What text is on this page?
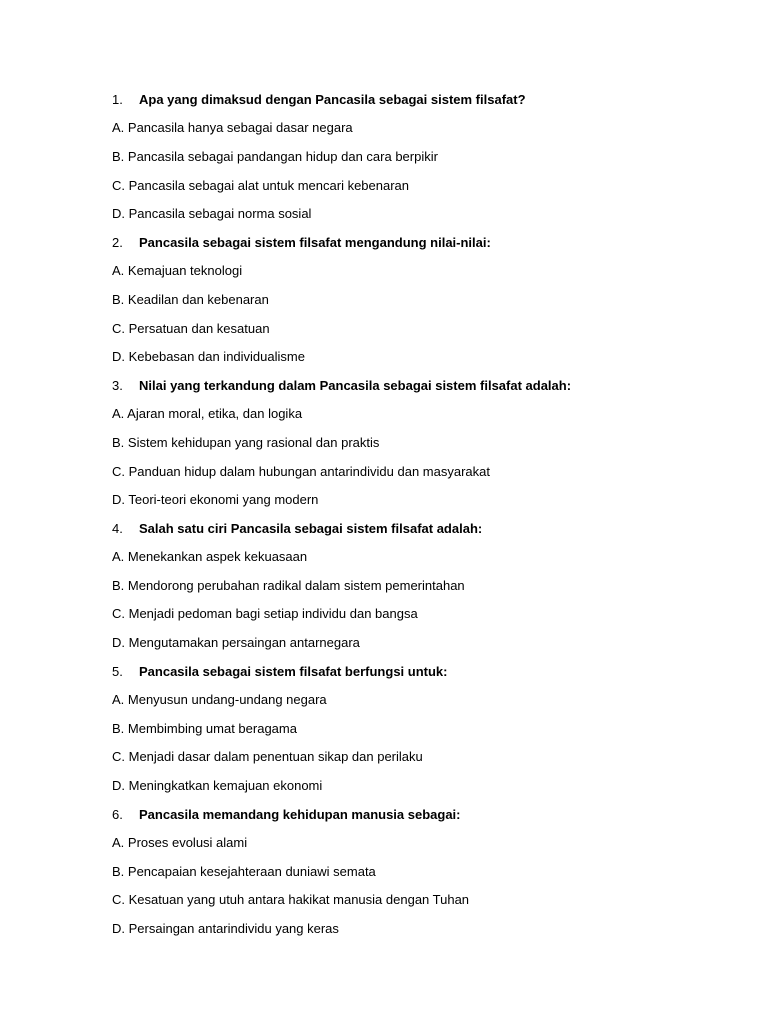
1.	Apa yang dimaksud dengan Pancasila sebagai sistem filsafat?
A. Pancasila hanya sebagai dasar negara
B. Pancasila sebagai pandangan hidup dan cara berpikir
C. Pancasila sebagai alat untuk mencari kebenaran
D. Pancasila sebagai norma sosial
2.	Pancasila sebagai sistem filsafat mengandung nilai-nilai:
A. Kemajuan teknologi
B. Keadilan dan kebenaran
C. Persatuan dan kesatuan
D. Kebebasan dan individualisme
3.	Nilai yang terkandung dalam Pancasila sebagai sistem filsafat adalah:
A. Ajaran moral, etika, dan logika
B. Sistem kehidupan yang rasional dan praktis
C. Panduan hidup dalam hubungan antarindividu dan masyarakat
D. Teori-teori ekonomi yang modern
4.	Salah satu ciri Pancasila sebagai sistem filsafat adalah:
A. Menekankan aspek kekuasaan
B. Mendorong perubahan radikal dalam sistem pemerintahan
C. Menjadi pedoman bagi setiap individu dan bangsa
D. Mengutamakan persaingan antarnegara
5.	Pancasila sebagai sistem filsafat berfungsi untuk:
A. Menyusun undang-undang negara
B. Membimbing umat beragama
C. Menjadi dasar dalam penentuan sikap dan perilaku
D. Meningkatkan kemajuan ekonomi
6.	Pancasila memandang kehidupan manusia sebagai:
A. Proses evolusi alami
B. Pencapaian kesejahteraan duniawi semata
C. Kesatuan yang utuh antara hakikat manusia dengan Tuhan
D. Persaingan antarindividu yang keras
